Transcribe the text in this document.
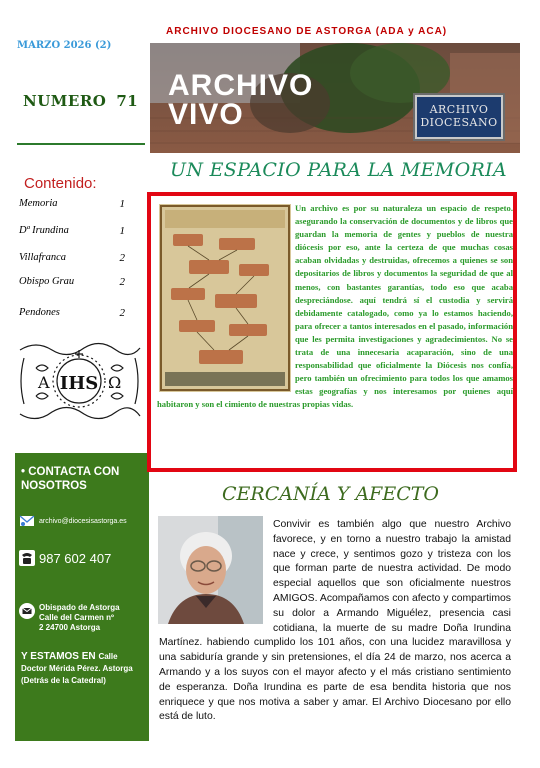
MARZO 2026 (2)
NUMERO 71
Contenido:
Memoria	1
Dª Irundina	1
Villafranca	2
Obispo Grau	2
Pendones	2
A IHS Ω
• CONTACTA CON NOSOTROS
archivo@diocesisastorga.es
987 602 407
Obispado de Astorga
Calle del Carmen nº
2 24700 Astorga
Y ESTAMOS EN Calle
Doctor Mérida Pérez. Astorga (Detrás de la Catedral)
ARCHIVO DIOCESANO DE ASTORGA (ADA y ACA)
ARCHIVO
VIVO	ARCHIVO
DIOCESANO
UN ESPACIO PARA LA MEMORIA
Un archivo es por su naturaleza un espacio de respeto. asegurando la conservación de documentos y de libros que guardan la memoria de gentes y pueblos de nuestra diócesis por eso, ante la certeza de que muchas cosas acaban olvidadas y destruidas, ofrecemos a quienes se son depositarios de libros y documentos la seguridad de que al menos, con bastantes garantías, todo eso que acaba despreciándose. aquí tendrá sí el custodia y servirá debidamente catalogado, como ya lo estamos haciendo, para ofrecer a tantos interesados en el pasado, información que les permita investigaciones y agradecimientos. No se trata de una innecesaria acaparación, sino de una responsabilidad que oficialmente la Diócesis nos confía, pero también un ofrecimiento para todos los que amamos estas geografías y nos interesamos por quienes aquí habitaron y son el cimiento de nuestras propias vidas.
CERCANÍA Y AFECTO
Convivir es también algo que nuestro Archivo favorece, y en torno a nuestro trabajo la amistad nace y crece, y sentimos gozo y tristeza con los que forman parte de nuestra actividad. De modo especial aquellos que son oficialmente nuestros AMIGOS. Acompañamos con afecto y compartimos su dolor a Armando Miguélez, presencia casi cotidiana, la muerte de su madre Doña Irundina Martínez. habiendo cumplido los 101 años, con una lucidez maravillosa y una sabiduría grande y sin pretensiones, el día 24 de marzo, nos acerca a Armando y a los suyos con el mayor afecto y el más cristiano sentimiento de esperanza. Doña Irundina es parte de esa bendita historia que nos enriquece y que nos motiva a saber y amar. El Archivo Diocesano por ello está de luto.
